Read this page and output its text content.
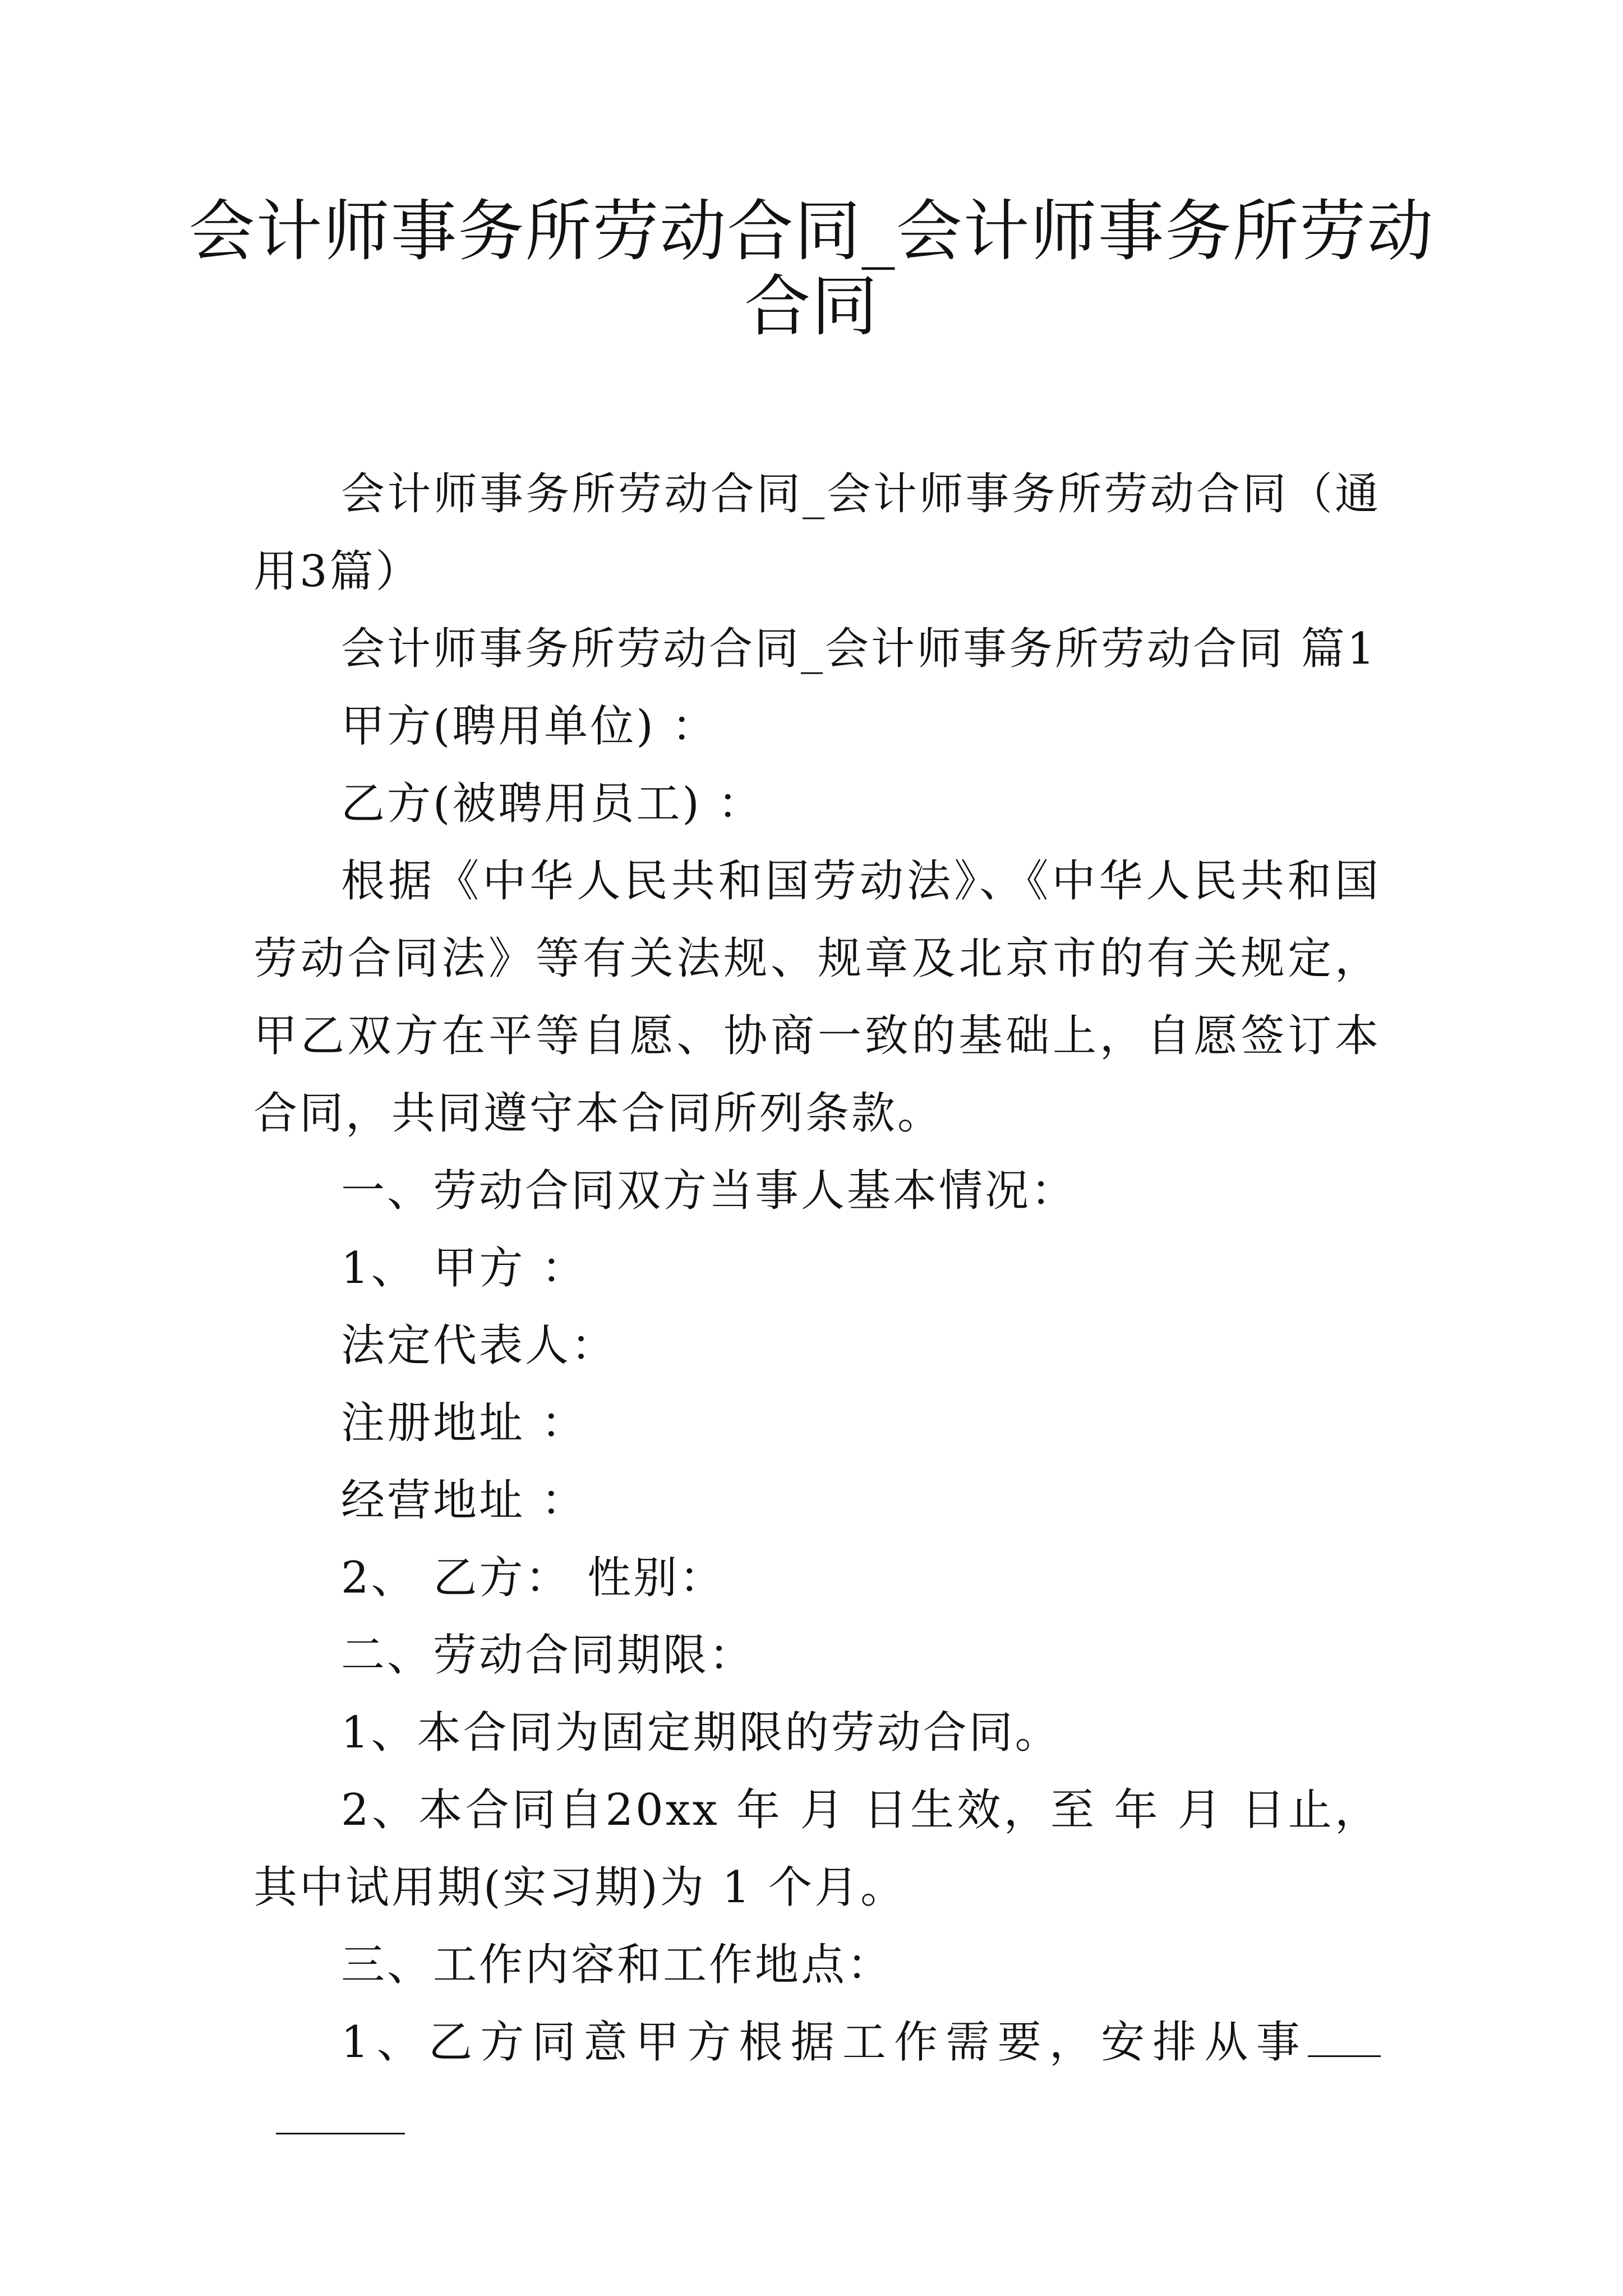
会计师事务所劳动合同_会计师事务所劳动合同

会计师事务所劳动合同_会计师事务所劳动合同（通用3篇）

会计师事务所劳动合同_会计师事务所劳动合同 篇1

甲方(聘用单位) ：

乙方(被聘用员工) ：

根据《中华人民共和国劳动法》、《中华人民共和国劳动合同法》等有关法规、规章及北京市的有关规定，甲乙双方在平等自愿、协商一致的基础上，自愿签订本合同，共同遵守本合同所列条款。

一、劳动合同双方当事人基本情况：

1、 甲方 ：

法定代表人：

注册地址 ：

经营地址 ：

2、 乙方： 性别：

二、劳动合同期限：

1、本合同为固定期限的劳动合同。

2、本合同自20xx 年 月 日生效，至 年 月 日止，其中试用期(实习期)为 1 个月。

三、工作内容和工作地点：

1、乙方同意甲方根据工作需要，安排从事
